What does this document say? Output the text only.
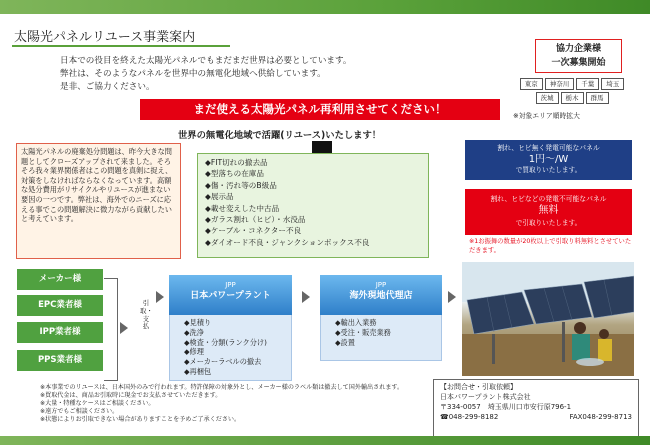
太陽光パネルリユース事業案内
日本での役目を終えた太陽光パネルでもまだまだ世界は必要としています。
弊社は、そのようなパネルを世界中の無電化地域へ供給しています。
是非、ご協力ください。
協力企業様
一次募集開始
東京	神奈川	千葉	埼玉
茨城	栃木	群馬
※対象エリア順時拡大
まだ使える太陽光パネル再利用させてください！
世界の無電化地域で活躍(リユース)いたします！
太陽光パネルの廃棄処分問題は、昨今大きな問題としてクローズアップされて来ました。そろそろ我々業界関係者はこの問題を真剣に捉え、対策をしなければならなくなっています。高額な処分費用がリサイクルやリユースが進まない要因の一つです。弊社は、海外でのニーズに応える事でこの問題解決に微力ながら貢献したいと考えています。
◆FIT切れの撤去品
◆型落ちの在庫品
◆傷・汚れ等のB級品
◆展示品
◆載せ変えした中古品
◆ガラス割れ（ヒビ）・水没品
◆ケーブル・コネクター不良
◆ダイオード不良・ジャンクションボックス不良
割れ、ヒビ無く発電可能なパネル
1円～/W
で買取りいたします。
割れ、ヒビなどの発電不可能なパネル
無料
で引取りいたします。
※1お振舞の数量が20枚以上で引取り料無料とさせていただきます。
メーカー様
EPC業者様
IPP業者様
PPS業者様
引取・支払
JPP
日本パワープラント
◆見積り
◆洗浄
◆検査・分類(ランク分け)
◆修理
◆メーカーラベルの撤去
◆再梱包
JPP
海外現地代理店
◆輸出入業務
◆受注・販売業務
◆設置
※本事業でのリユースは、日本国外のみで行われます。特許保障の対象外とし、メーカー様のラベル類は撤去して国外輸出されます。
※買取代金は、商品お引取時に現金でお支払させていただきます。
※大量・特種なケースはご相談ください。
※遠方でもご相談ください。
※状態によりお引取できない場合がありますことを予めご了承ください。
【お問合せ・引取依頼】
日本パワープラント株式会社
〒334-0057　埼玉県川口市安行原796-1
☎048-299-8182	FAX048-299-8713
